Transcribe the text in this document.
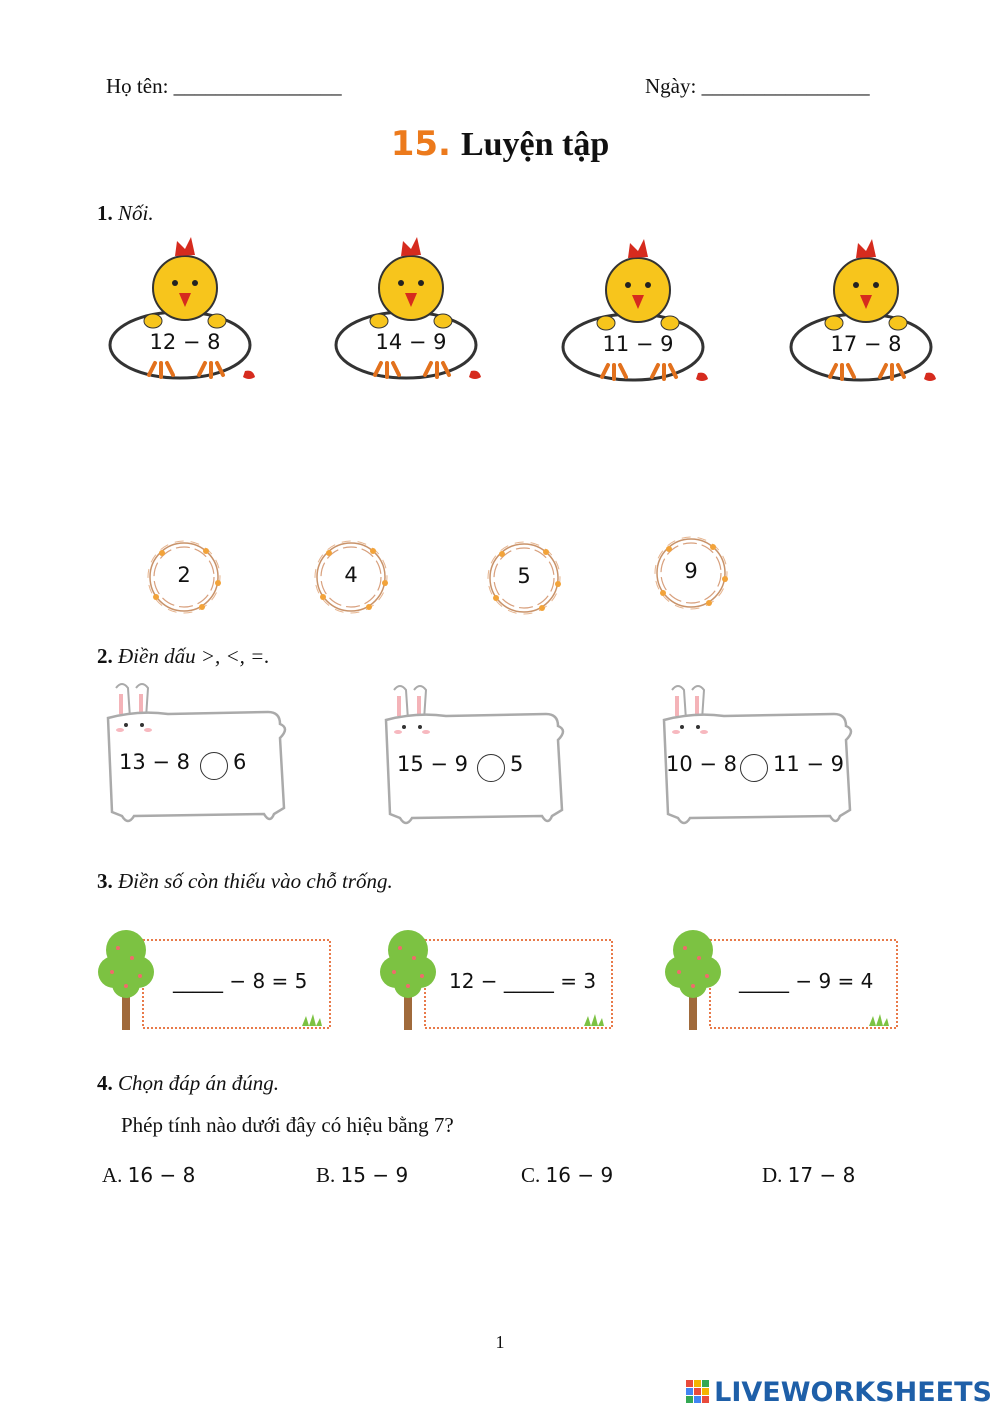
Họ tên: ________________	Ngày: ________________
15. Luyện tập
1. Nối.
12 − 8	14 − 9	11 − 9	17 − 8
2	4	5	9
2. Điền dấu >, <, =.
13 − 8 6	15 − 9 5	10 − 8 11 − 9
3. Điền số còn thiếu vào chỗ trống.
_____ − 8 = 5	12 − _____ = 3	_____ − 9 = 4
4. Chọn đáp án đúng.
Phép tính nào dưới đây có hiệu bằng 7?
A. 16 − 8	B. 15 − 9	C. 16 − 9	D. 17 − 8
1
LIVEWORKSHEETS
